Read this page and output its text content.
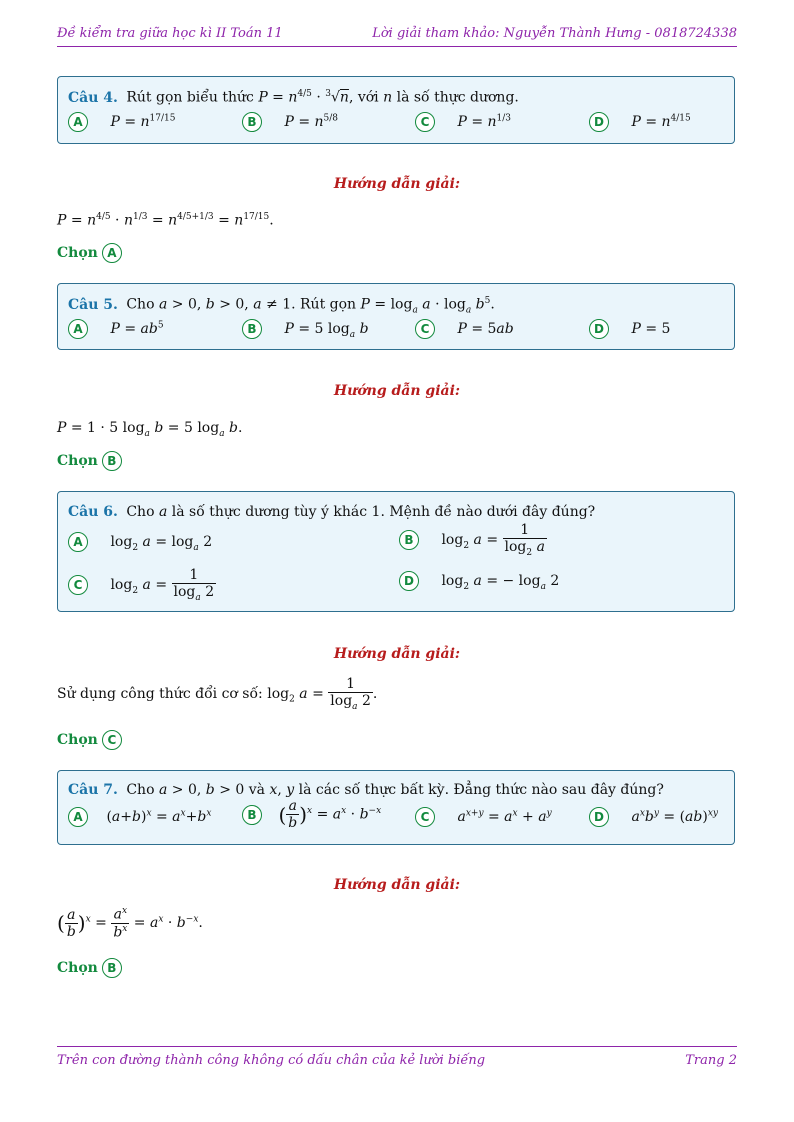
Đề kiểm tra giữa học kì II Toán 11	Lời giải tham khảo: Nguyễn Thành Hưng - 0818724338
Câu 4. Rút gọn biểu thức $P = n^{4/5} \cdot ^3√n$, với n là số thực dương.
A $P = n^{17/15}$	B $P = n^{5/8}$	C $P = n^{1/3}$	D $P = n^{4/15}$
Hướng dẫn giải:
$P = n^{4/5} \cdot n^{1/3} = n^{4/5+1/3} = n^{17/15}$.
Chọn A
Câu 5. Cho a > 0, b > 0, a ≠ 1. Rút gọn $P = \log_a a \cdot \log_a b^5$.
A $P = ab^5$	B P = 5 $\log_a b$	C P = 5ab	D P = 5
Hướng dẫn giải:
P = 1 · 5 $\log_a b = 5$ $\log_a b$.
Chọn B
Câu 6. Cho a là số thực dương tùy ý khác 1. Mệnh đề nào dưới đây đúng?
A $\log_2 a = \log_a 2$	B $\log_2 a = \frac{1}{\log_2 a}$
C $\log_2 a = \frac{1}{\log_a 2}$	D $\log_2 a$ = − $\log_a 2$
Hướng dẫn giải:
Sử dụng công thức đổi cơ số: $\log_2 a = \frac{1}{\log_a 2}$ .
Chọn C
Câu 7. Cho a > 0, b > 0 và x, y là các số thực bất kỳ. Đẳng thức nào sau đây đúng?
A $(a+b)^x = a^x+b^x$	B ( $\frac{a}{b} )^x = a^x \cdot b^{-x}$	C $a^{x+y} = a^x + a^y$	D $a^xb^y = (ab)^{xy}$
Hướng dẫn giải:
( $\frac{a}{b} )^x = \frac{a^x}{b^x} = a^x \cdot b^{-x}$.
Chọn B
Trên con đường thành công không có dấu chân của kẻ lười biếng	Trang 2
